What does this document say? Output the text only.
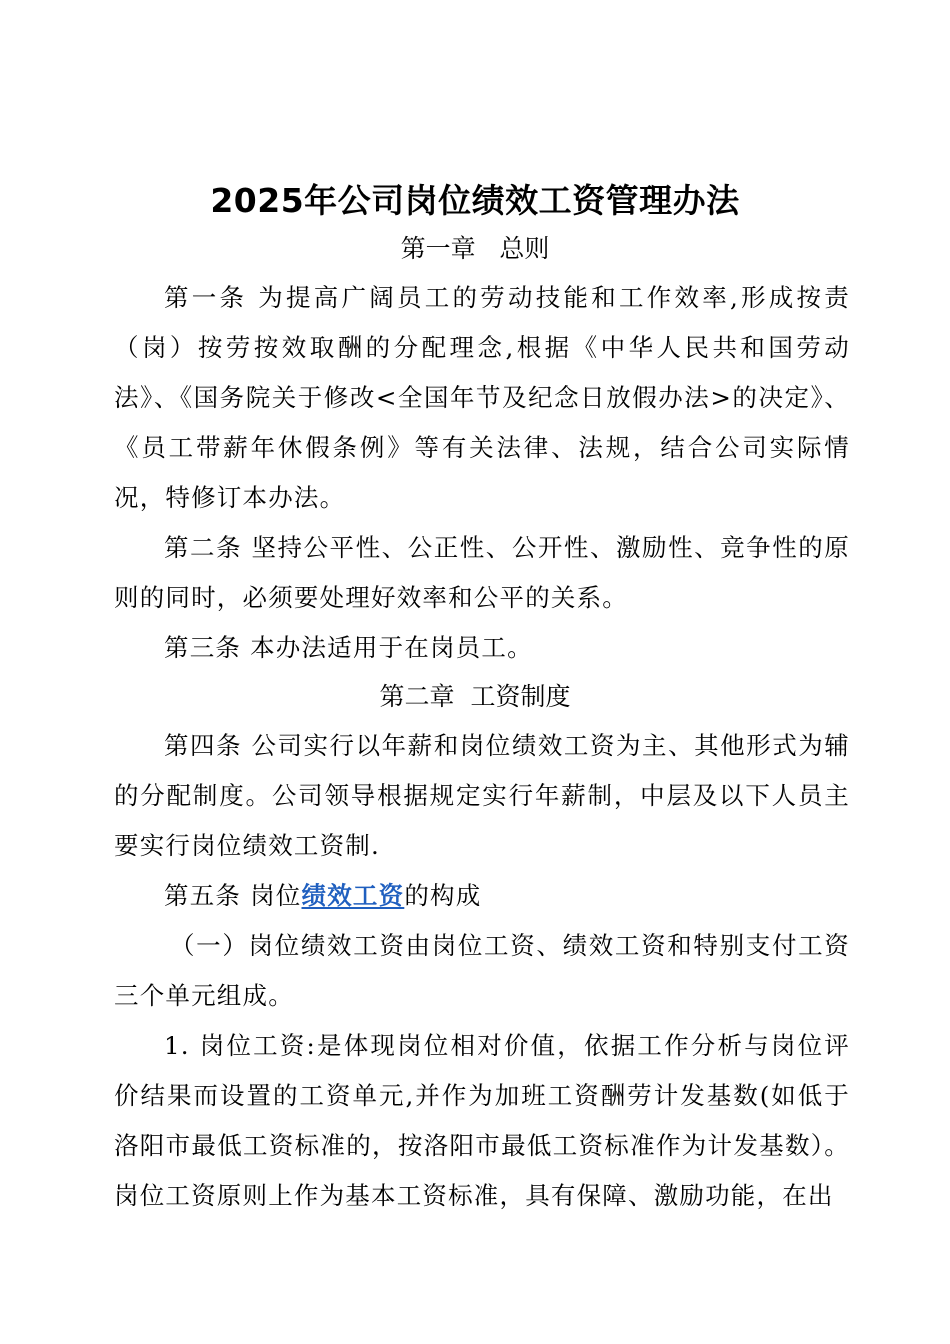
2025年公司岗位绩效工资管理办法
第一章   总则
第一条 为提高广阔员工的劳动技能和工作效率,形成按责（岗）按劳按效取酬的分配理念,根据《中华人民共和国劳动法》、《国务院关于修改<全国年节及纪念日放假办法>的决定》、《员工带薪年休假条例》等有关法律、法规，结合公司实际情况，特修订本办法。
第二条 坚持公平性、公正性、公开性、激励性、竞争性的原则的同时，必须要处理好效率和公平的关系。
第三条 本办法适用于在岗员工。
第二章  工资制度
第四条 公司实行以年薪和岗位绩效工资为主、其他形式为辅的分配制度。公司领导根据规定实行年薪制，中层及以下人员主要实行岗位绩效工资制.
第五条 岗位绩效工资的构成
（一）岗位绩效工资由岗位工资、绩效工资和特别支付工资三个单元组成。
1. 岗位工资:是体现岗位相对价值，依据工作分析与岗位评价结果而设置的工资单元,并作为加班工资酬劳计发基数(如低于洛阳市最低工资标准的，按洛阳市最低工资标准作为计发基数）。岗位工资原则上作为基本工资标准，具有保障、激励功能，在出
